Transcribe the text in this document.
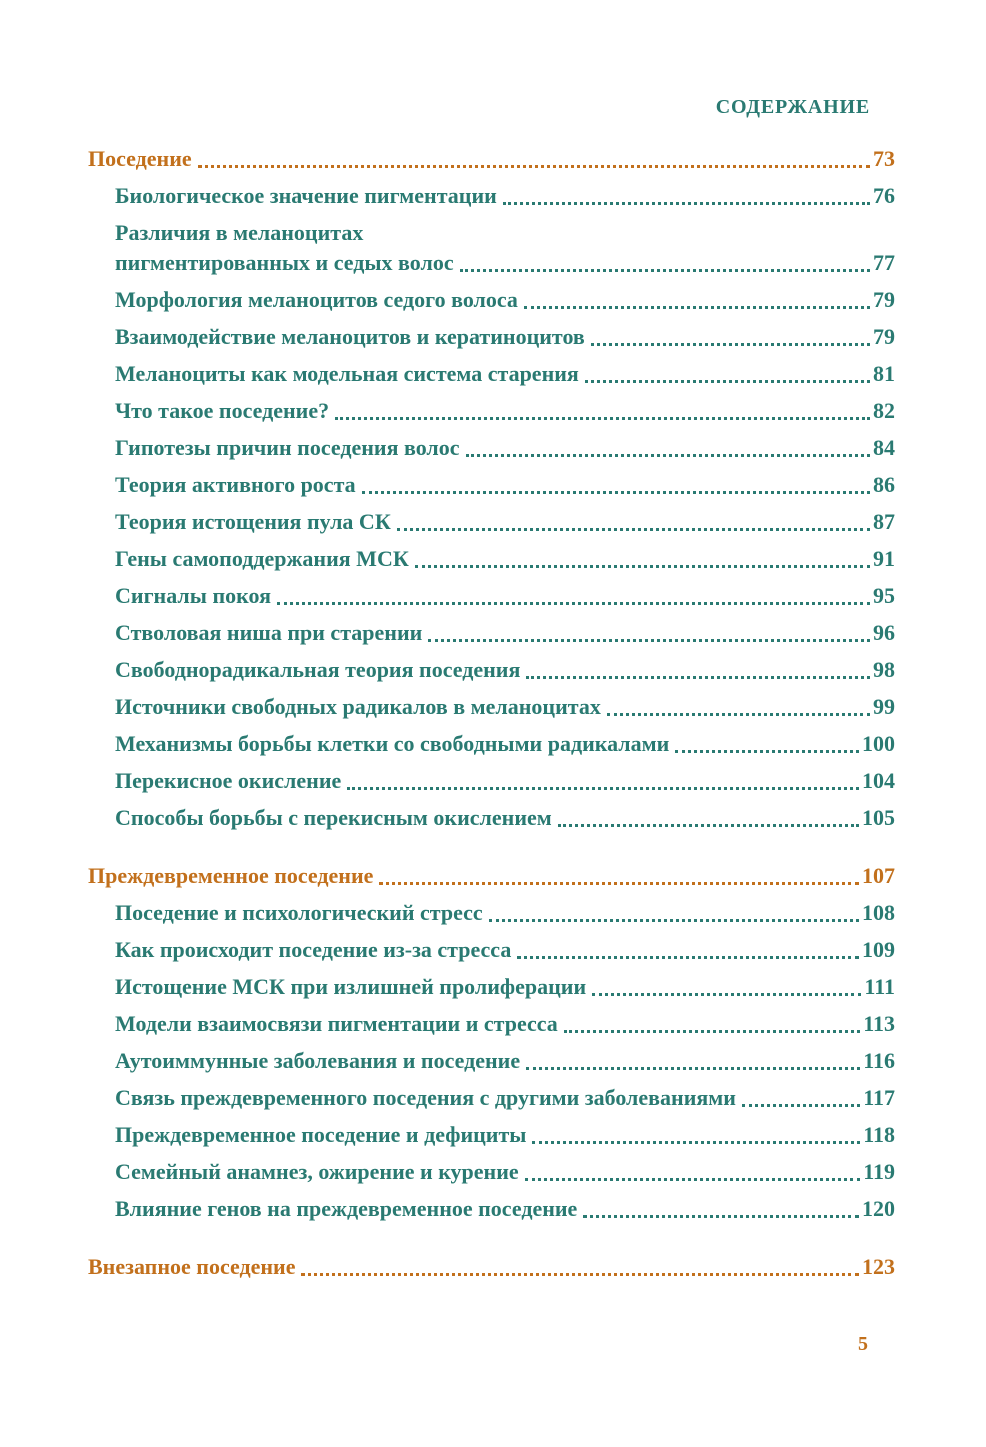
СОДЕРЖАНИЕ
Поседение	73
Биологическое значение пигментации	76
Различия в меланоцитах
пигментированных и седых волос	77
Морфология меланоцитов седого волоса	79
Взаимодействие меланоцитов и кератиноцитов	79
Меланоциты как модельная система старения	81
Что такое поседение?	82
Гипотезы причин поседения волос	84
Теория активного роста	86
Теория истощения пула СК	87
Гены самоподдержания МСК	91
Сигналы покоя	95
Стволовая ниша при старении	96
Свободнорадикальная теория поседения	98
Источники свободных радикалов в меланоцитах	99
Механизмы борьбы клетки со свободными радикалами	100
Перекисное окисление	104
Способы борьбы с перекисным окислением	105
Преждевременное поседение	107
Поседение и психологический стресс	108
Как происходит поседение из-за стресса	109
Истощение МСК при излишней пролиферации	111
Модели взаимосвязи пигментации и стресса	113
Аутоиммунные заболевания и поседение	116
Связь преждевременного поседения с другими заболеваниями	117
Преждевременное поседение и дефициты	118
Семейный анамнез, ожирение и курение	119
Влияние генов на преждевременное поседение	120
Внезапное поседение	123
5
